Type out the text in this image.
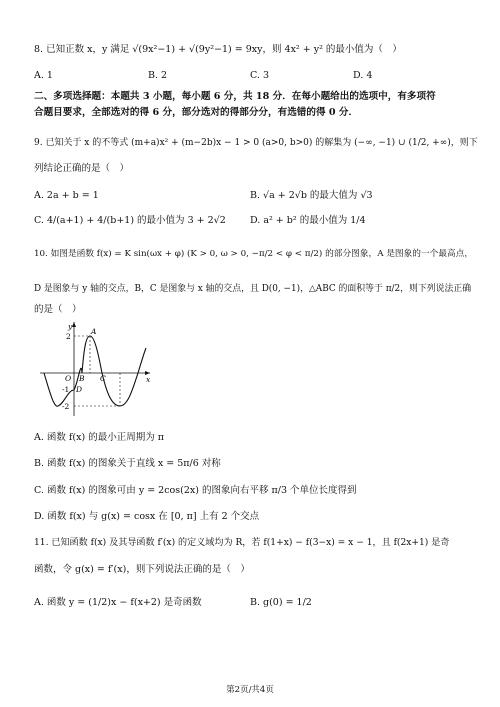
8. 已知正数 x，y 满足 √(9x²−1) + √(9y²−1) = 9xy，则 4x² + y² 的最小值为（　）
A. 1	B. 2	C. 3	D. 4
二、多项选择题：本题共 3 小题，每小题 6 分，共 18 分．在每小题给出的选项中，有多项符
合题目要求，全部选对的得 6 分，部分选对的得部分分，有选错的得 0 分．
9. 已知关于 x 的不等式 (m+a)x² + (m−2b)x − 1 > 0 (a>0, b>0) 的解集为 (−∞, −1) ∪ (1/2, +∞)，则下
列结论正确的是（　）
A. 2a + b = 1	B. √a + 2√b 的最大值为 √3
C. 4/(a+1) + 4/(b+1) 的最小值为 3 + 2√2	D. a² + b² 的最小值为 1/4
10. 如图是函数 f(x) = K sin(ωx + φ) (K > 0, ω > 0, −π/2 < φ < π/2) 的部分图象，A 是图象的一个最高点，
D 是图象与 y 轴的交点，B，C 是图象与 x 轴的交点，且 D(0, −1)，△ABC 的面积等于 π/2，则下列说法正确
的是（　）
y
x
2
-2
-1
O
A
B C
D
A. 函数 f(x) 的最小正周期为 π
B. 函数 f(x) 的图象关于直线 x = 5π/6 对称
C. 函数 f(x) 的图象可由 y = 2cos(2x) 的图象向右平移 π/3 个单位长度得到
D. 函数 f(x) 与 g(x) = cosx 在 [0, π] 上有 2 个交点
11. 已知函数 f(x) 及其导函数 f′(x) 的定义域均为 R，若 f(1+x) − f(3−x) = x − 1，且 f(2x+1) 是奇
函数，令 g(x) = f′(x)，则下列说法正确的是（　）
A. 函数 y = (1/2)x − f(x+2) 是奇函数	B. g(0) = 1/2
第2页/共4页
